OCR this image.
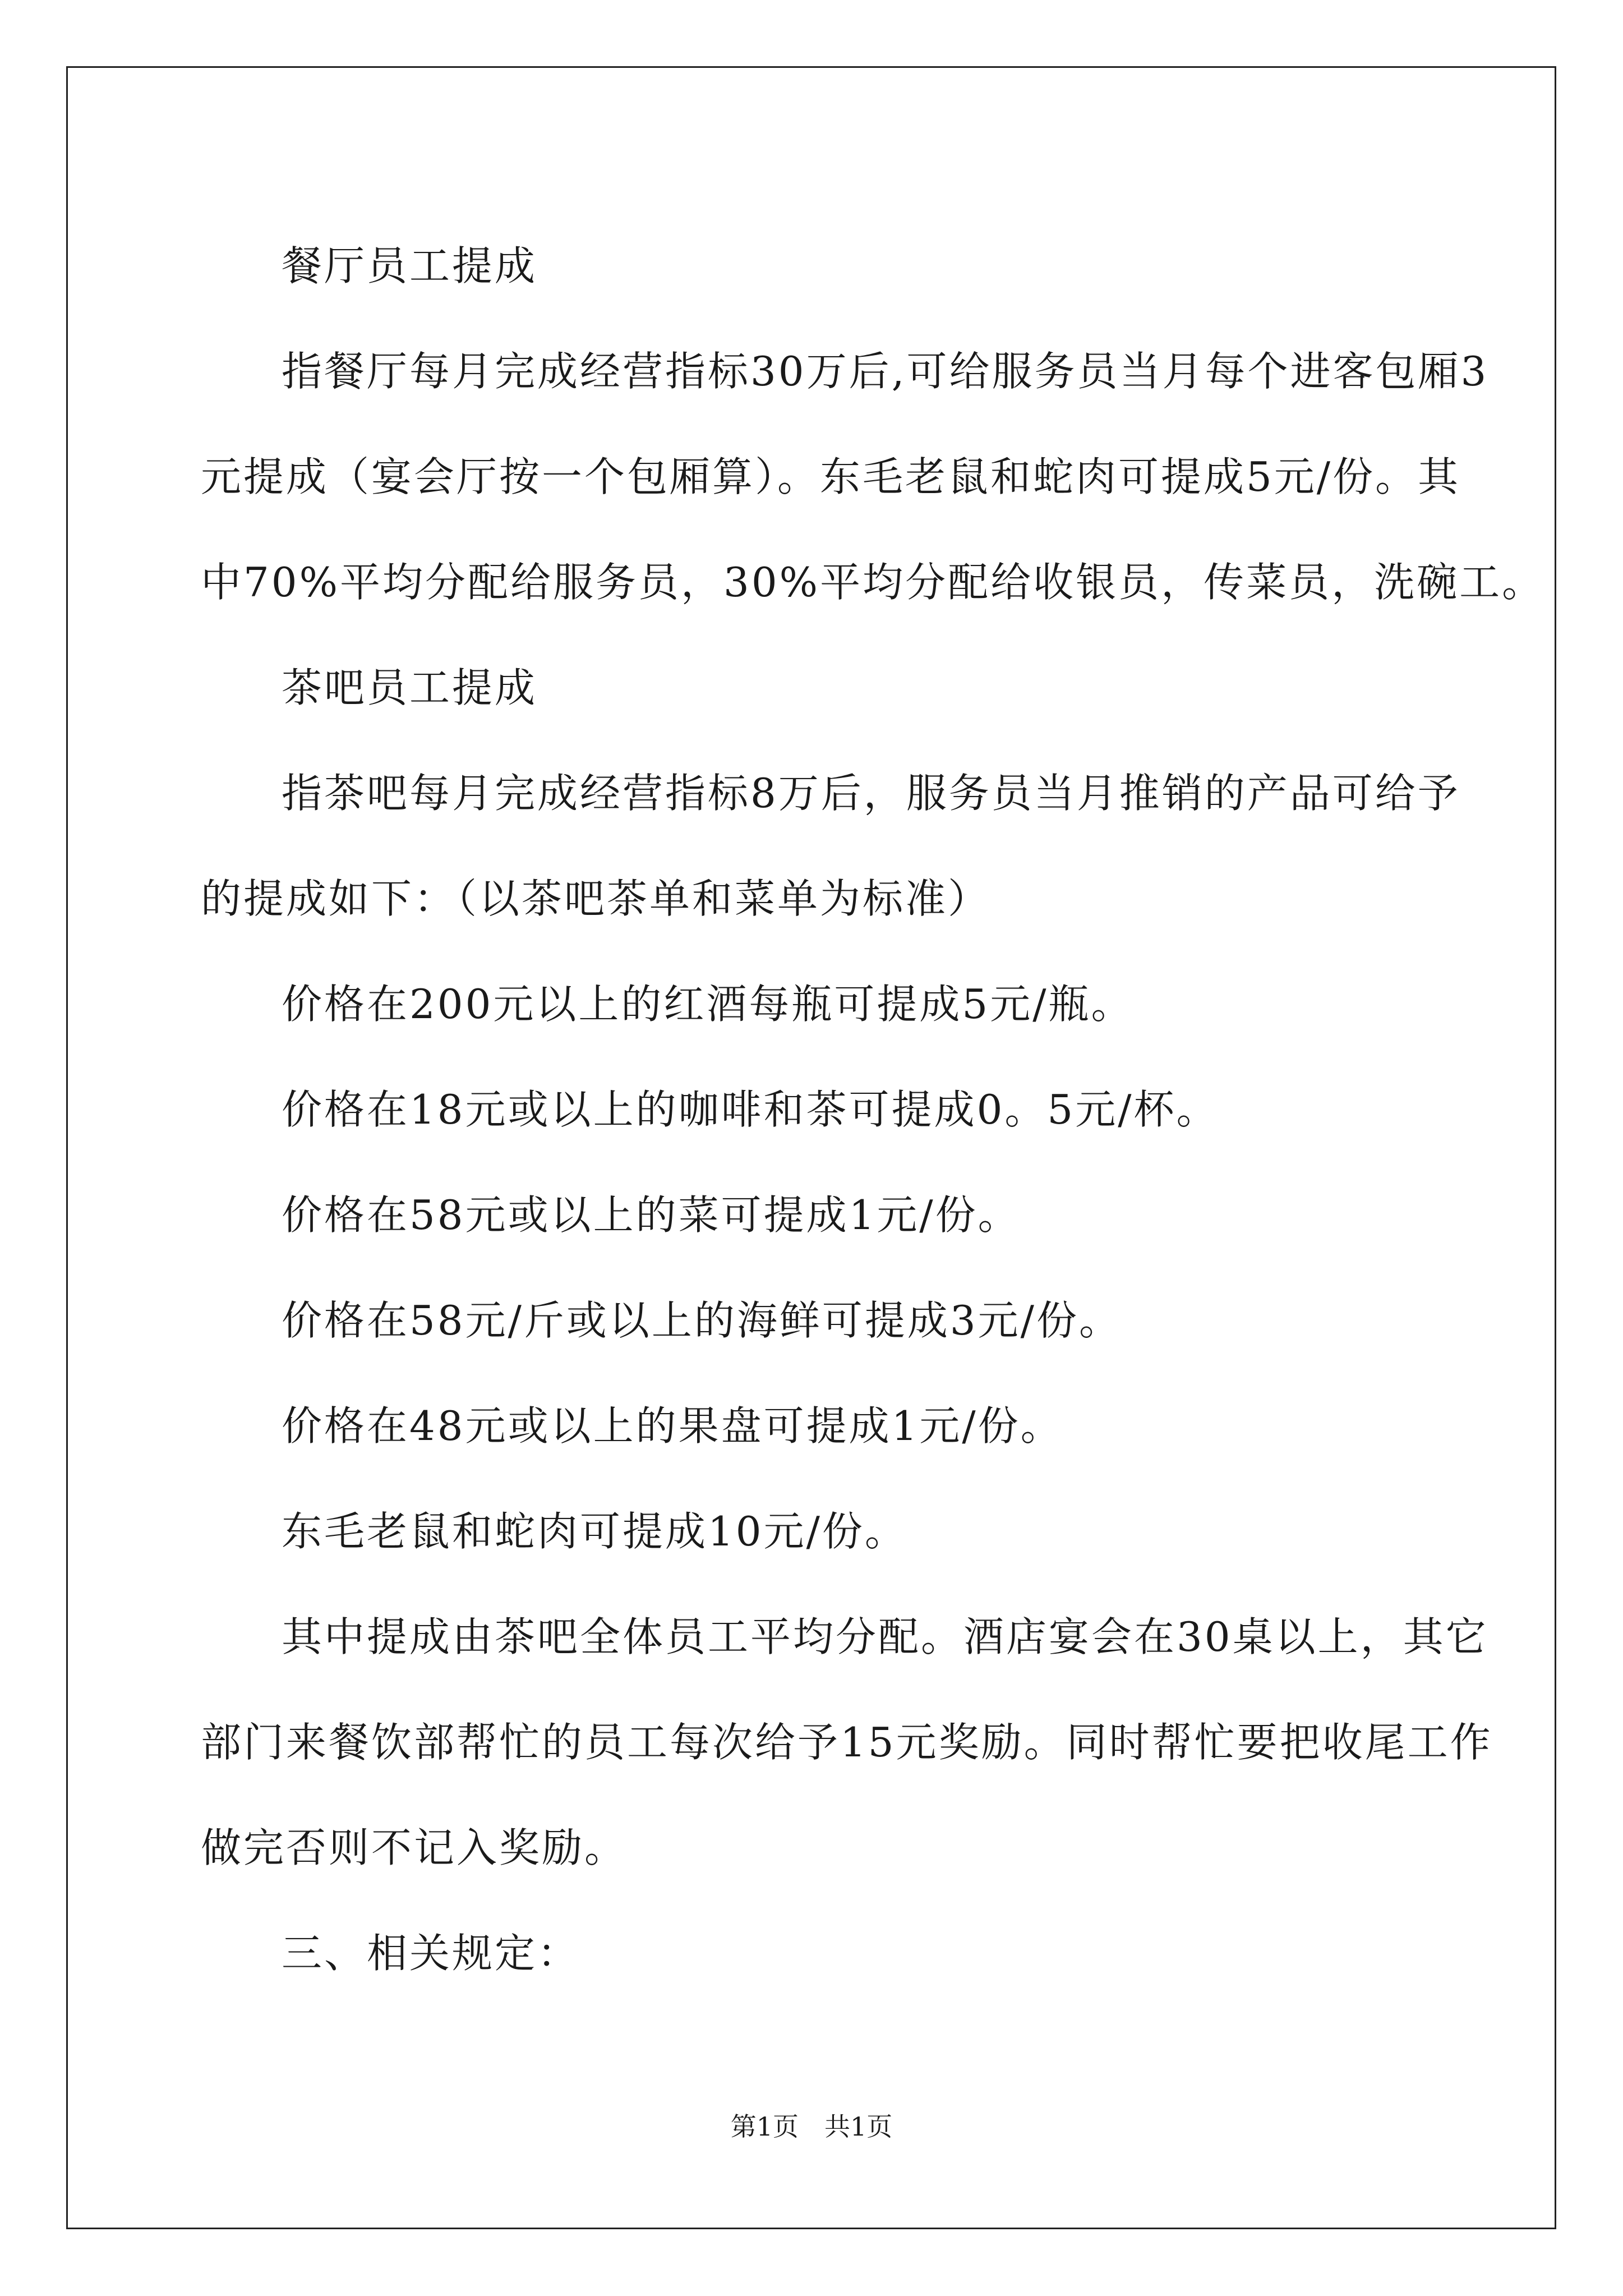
餐厅员工提成

指餐厅每月完成经营指标30万后,可给服务员当月每个进客包厢3

元提成（宴会厅按一个包厢算）。东毛老鼠和蛇肉可提成5元/份。其

中70%平均分配给服务员，30%平均分配给收银员，传菜员，洗碗工。

茶吧员工提成

指茶吧每月完成经营指标8万后，服务员当月推销的产品可给予

的提成如下：（以茶吧茶单和菜单为标准）

价格在200元以上的红酒每瓶可提成5元/瓶。

价格在18元或以上的咖啡和茶可提成0。5元/杯。

价格在58元或以上的菜可提成1元/份。

价格在58元/斤或以上的海鲜可提成3元/份。

价格在48元或以上的果盘可提成1元/份。

东毛老鼠和蛇肉可提成10元/份。

其中提成由茶吧全体员工平均分配。酒店宴会在30桌以上，其它

部门来餐饮部帮忙的员工每次给予15元奖励。同时帮忙要把收尾工作

做完否则不记入奖励。

三、相关规定：

第1页　共1页
